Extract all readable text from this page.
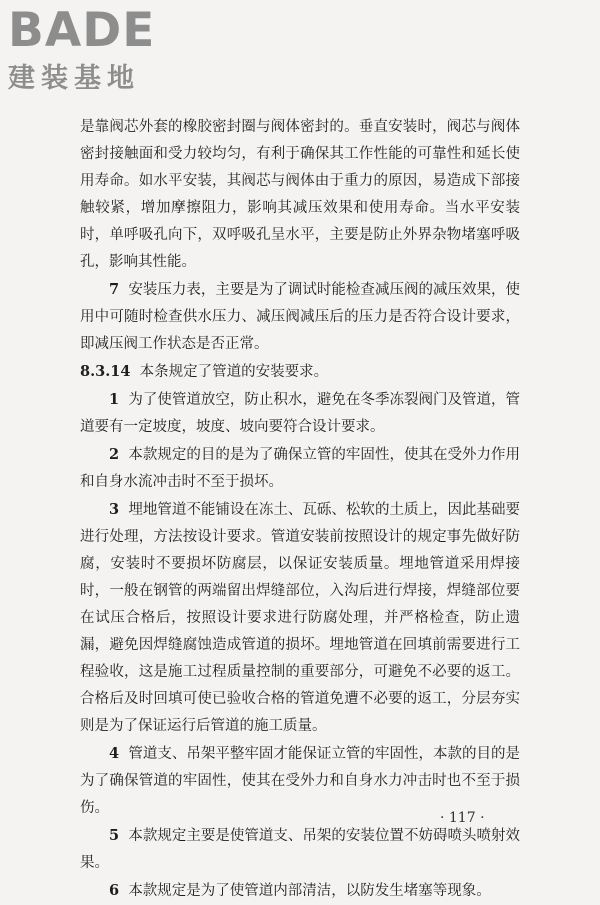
BADE
建装基地

是靠阀芯外套的橡胶密封圈与阀体密封的。垂直安装时，阀芯与阀体密封接触面和受力较均匀，有利于确保其工作性能的可靠性和延长使用寿命。如水平安装，其阀芯与阀体由于重力的原因，易造成下部接触较紧，增加摩擦阻力，影响其减压效果和使用寿命。当水平安装时，单呼吸孔向下，双呼吸孔呈水平，主要是防止外界杂物堵塞呼吸孔，影响其性能。

7 安装压力表，主要是为了调试时能检查减压阀的减压效果，使用中可随时检查供水压力、减压阀减压后的压力是否符合设计要求，即减压阀工作状态是否正常。

8.3.14 本条规定了管道的安装要求。

1 为了使管道放空，防止积水，避免在冬季冻裂阀门及管道，管道要有一定坡度，坡度、坡向要符合设计要求。

2 本款规定的目的是为了确保立管的牢固性，使其在受外力作用和自身水流冲击时不至于损坏。

3 埋地管道不能铺设在冻土、瓦砾、松软的土质上，因此基础要进行处理，方法按设计要求。管道安装前按照设计的规定事先做好防腐，安装时不要损坏防腐层，以保证安装质量。埋地管道采用焊接时，一般在钢管的两端留出焊缝部位，入沟后进行焊接，焊缝部位要在试压合格后，按照设计要求进行防腐处理，并严格检查，防止遗漏，避免因焊缝腐蚀造成管道的损坏。埋地管道在回填前需要进行工程验收，这是施工过程质量控制的重要部分，可避免不必要的返工。合格后及时回填可使已验收合格的管道免遭不必要的返工，分层夯实则是为了保证运行后管道的施工质量。

4 管道支、吊架平整牢固才能保证立管的牢固性，本款的目的是为了确保管道的牢固性，使其在受外力和自身水力冲击时也不至于损伤。

5 本款规定主要是使管道支、吊架的安装位置不妨碍喷头喷射效果。

6 本款规定是为了使管道内部清洁，以防发生堵塞等现象。

· 117 ·
